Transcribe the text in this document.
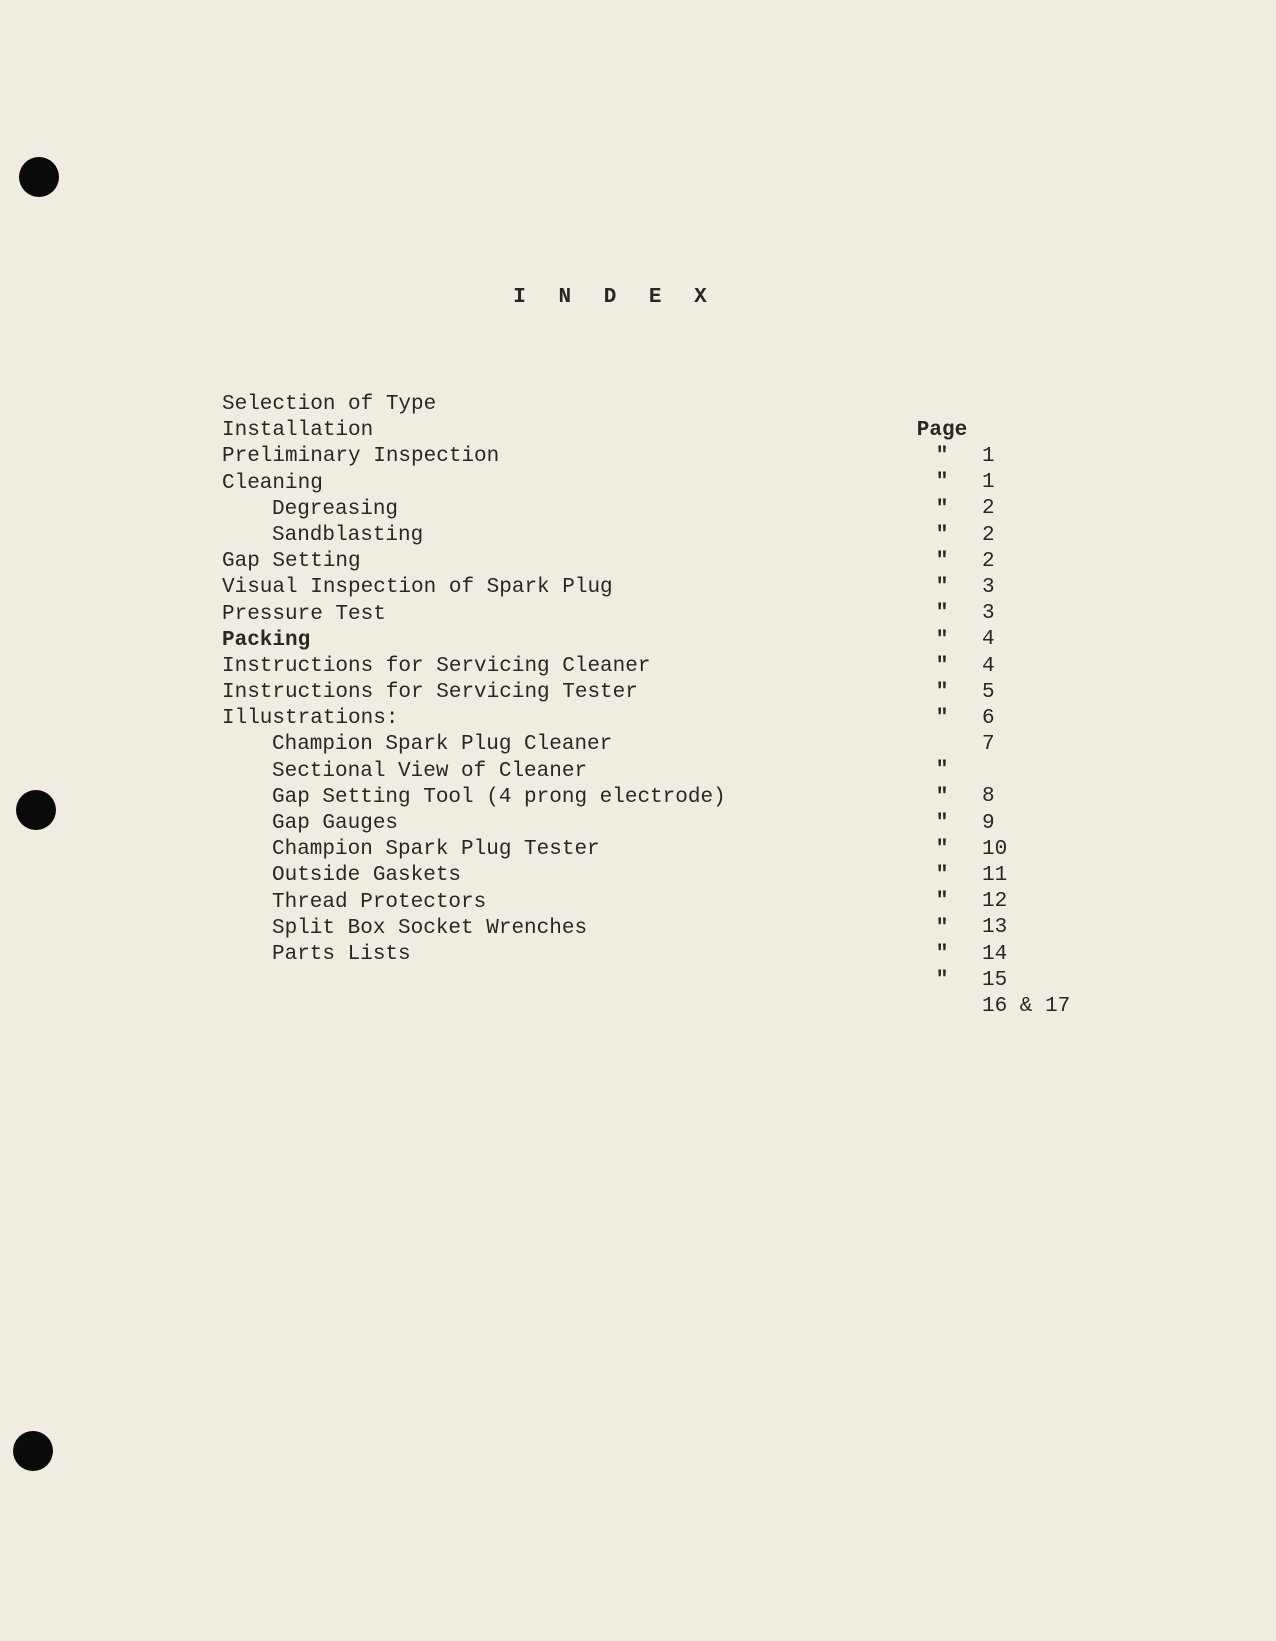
I N D E X

Selection of Type

Page

1

Installation

"

1

Preliminary Inspection

"

2

Cleaning

"

2

Degreasing

"

2

Sandblasting

"

3

Gap Setting

"

3

Visual Inspection of Spark Plug

"

4

Pressure Test

"

4

Packing

"

5

Instructions for Servicing Cleaner

"

6

Instructions for Servicing Tester

"

7

Illustrations:

Champion Spark Plug Cleaner

"

8

Sectional View of Cleaner

"

9

Gap Setting Tool (4 prong electrode)

"

10

Gap Gauges

"

11

Champion Spark Plug Tester

"

12

Outside Gaskets

"

13

Thread Protectors

"

14

Split Box Socket Wrenches

"

15

Parts Lists

"

16 & 17
